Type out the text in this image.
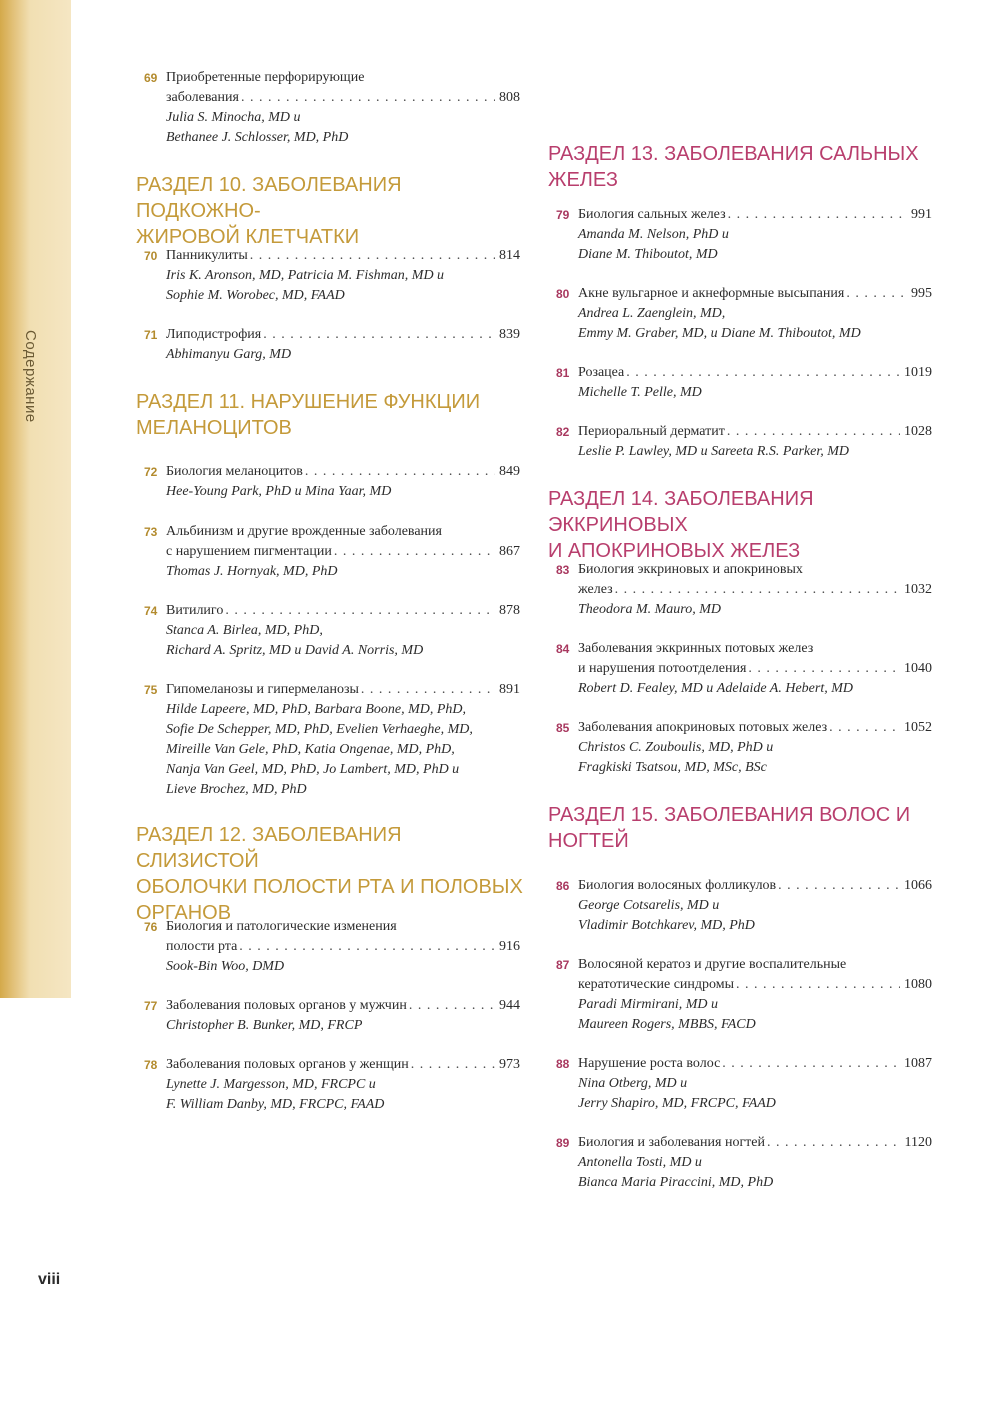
Содержание
69 Приобретенные перфорирующие
заболевания . . .	808
Julia S. Minocha, MD и
Bethanee J. Schlosser, MD, PhD
РАЗДЕЛ 10. ЗАБОЛЕВАНИЯ ПОДКОЖНО-
ЖИРОВОЙ КЛЕТЧАТКИ
70 Панникулиты . . .	814
Iris K. Aronson, MD, Patricia M. Fishman, MD и
Sophie M. Worobec, MD, FAAD
71 Липодистрофия . . .	839
Abhimanyu Garg, MD
РАЗДЕЛ 11. НАРУШЕНИЕ ФУНКЦИИ
МЕЛАНОЦИТОВ
72 Биология меланоцитов . . .	849
Hee-Young Park, PhD и Mina Yaar, MD
73 Альбинизм и другие врожденные заболевания
с нарушением пигментации . . .	867
Thomas J. Hornyak, MD, PhD
74 Витилиго . . .	878
Stanca A. Birlea, MD, PhD,
Richard A. Spritz, MD и David A. Norris, MD
75 Гипомеланозы и гипермеланозы . . .	891
Hilde Lapeere, MD, PhD, Barbara Boone, MD, PhD,
Sofie De Schepper, MD, PhD, Evelien Verhaeghe, MD,
Mireille Van Gele, PhD, Katia Ongenae, MD, PhD,
Nanja Van Geel, MD, PhD, Jo Lambert, MD, PhD и
Lieve Brochez, MD, PhD
РАЗДЕЛ 12. ЗАБОЛЕВАНИЯ СЛИЗИСТОЙ
ОБОЛОЧКИ ПОЛОСТИ РТА И ПОЛОВЫХ
ОРГАНОВ
76 Биология и патологические изменения
полости рта . . .	916
Sook-Bin Woo, DMD
77 Заболевания половых органов у мужчин . . .	944
Christopher B. Bunker, MD, FRCP
78 Заболевания половых органов у женщин . . .	973
Lynette J. Margesson, MD, FRCPC и
F. William Danby, MD, FRCPC, FAAD
РАЗДЕЛ 13. ЗАБОЛЕВАНИЯ САЛЬНЫХ
ЖЕЛЕЗ
79 Биология сальных желез . . .	991
Amanda M. Nelson, PhD и
Diane M. Thiboutot, MD
80 Акне вульгарное и акнеформные высыпания . . .	995
Andrea L. Zaenglein, MD,
Emmy M. Graber, MD, и Diane M. Thiboutot, MD
81 Розацеа . . .	1019
Michelle T. Pelle, MD
82 Периоральный дерматит . . .	1028
Leslie P. Lawley, MD и Sareeta R.S. Parker, MD
РАЗДЕЛ 14. ЗАБОЛЕВАНИЯ ЭККРИНОВЫХ
И АПОКРИНОВЫХ ЖЕЛЕЗ
83 Биология эккриновых и апокриновых
желез . . .	1032
Theodora M. Mauro, MD
84 Заболевания эккринных потовых желез
и нарушения потоотделения . . .	1040
Robert D. Fealey, MD и Adelaide A. Hebert, MD
85 Заболевания апокриновых потовых желез . . .	1052
Christos C. Zouboulis, MD, PhD и
Fragkiski Tsatsou, MD, MSc, BSc
РАЗДЕЛ 15. ЗАБОЛЕВАНИЯ ВОЛОС И
НОГТЕЙ
86 Биология волосяных фолликулов . . .	1066
George Cotsarelis, MD и
Vladimir Botchkarev, MD, PhD
87 Волосяной кератоз и другие воспалительные
кератотические синдромы . . .	1080
Paradi Mirmirani, MD и
Maureen Rogers, MBBS, FACD
88 Нарушение роста волос . . .	1087
Nina Otberg, MD и
Jerry Shapiro, MD, FRCPC, FAAD
89 Биология и заболевания ногтей . . .	1120
Antonella Tosti, MD и
Bianca Maria Piraccini, MD, PhD
viii
